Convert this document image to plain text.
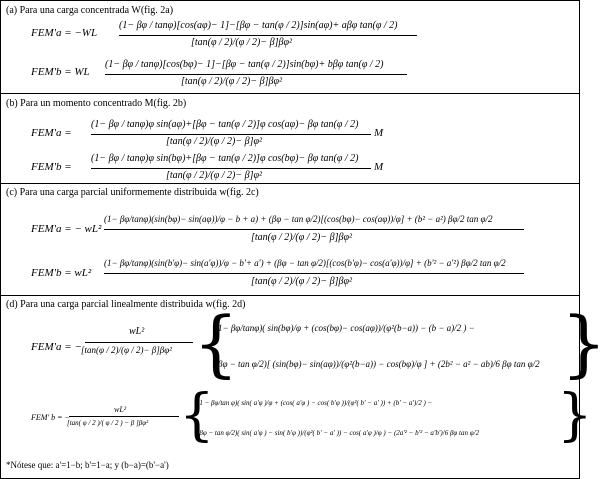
(a) Para una carga concentrada W(fig. 2a)
FEM'a = −WL
(1− βφ / tanφ)[cos(aφ)− 1]−[βφ − tan(φ / 2)]sin(aφ)+ aβφ tan(φ / 2)
[tan(φ / 2)/(φ / 2)− β]βφ²
FEM'b = WL
(1− βφ / tanφ)[cos(bφ)− 1]−[βφ − tan(φ / 2)]sin(bφ)+ bβφ tan(φ / 2)
[tan(φ / 2)/(φ / 2)− β]βφ²
(b) Para un momento concentrado M(fig. 2b)
FEM'a =
(1− βφ / tanφ)φ sin(aφ)+[βφ − tan(φ / 2)]φ cos(aφ)− βφ tan(φ / 2)
[tan(φ / 2)/(φ / 2)− β]φ²
M
FEM'b =
(1− βφ / tanφ)φ sin(bφ)+[βφ − tan(φ / 2)]φ cos(bφ)− βφ tan(φ / 2)
[tan(φ / 2)/(φ / 2)− β]φ²
M
(c) Para una carga parcial uniformemente distribuida w(fig. 2c)
FEM'a = − wL²
(1− βφ/tanφ)(sin(bφ)− sin(aφ))/φ − b + a) + (βφ − tan φ/2)[(cos(bφ)− cos(aφ))/φ] + (b² − a²) βφ/2 tan φ/2
[tan(φ / 2)/(φ / 2)− β]βφ²
FEM'b = wL²
(1− βφ/tanφ)(sin(b'φ)− sin(a'φ))/φ − b'+ a') + (βφ − tan φ/2)[(cos(b'φ)− cos(a'φ))/φ] + (b'² − a'²) βφ/2 tan φ/2
[tan(φ / 2)/(φ / 2)− β]βφ²
(d) Para una carga parcial linealmente distribuida w(fig. 2d)
FEM'a = −
wL²
[tan(φ / 2)/(φ / 2)− β]βφ² {
(1− βφ/tanφ)( sin(bφ)/φ + (cos(bφ)− cos(aφ))/(φ²(b−a)) − (b − a)/2 ) −
(βφ − tan φ/2)[ (sin(bφ)− sin(aφ))/(φ²(b−a)) − cos(bφ)/φ ] + (2b² − a² − ab)/6 βφ tan φ/2 }
FEM' b = −
wL²
[tan( φ / 2 )/( φ / 2 ) − β ]βφ² {
(1 − βφ/tan φ)( sin( a'φ )/φ + (cos( a'φ ) − cos( b'φ ))/(φ²( b' − a' )) + (b' − a')/2 ) −
(βφ − tan φ/2)( sin( a'φ ) − sin( b'φ ))/(φ²( b' − a' )) − cos( a'φ )/φ ) − (2a'² − b'² − a'b')/6 βφ tan φ/2 }
*Nótese que: a'=1−b; b'=1−a; y (b−a)=(b'−a')
